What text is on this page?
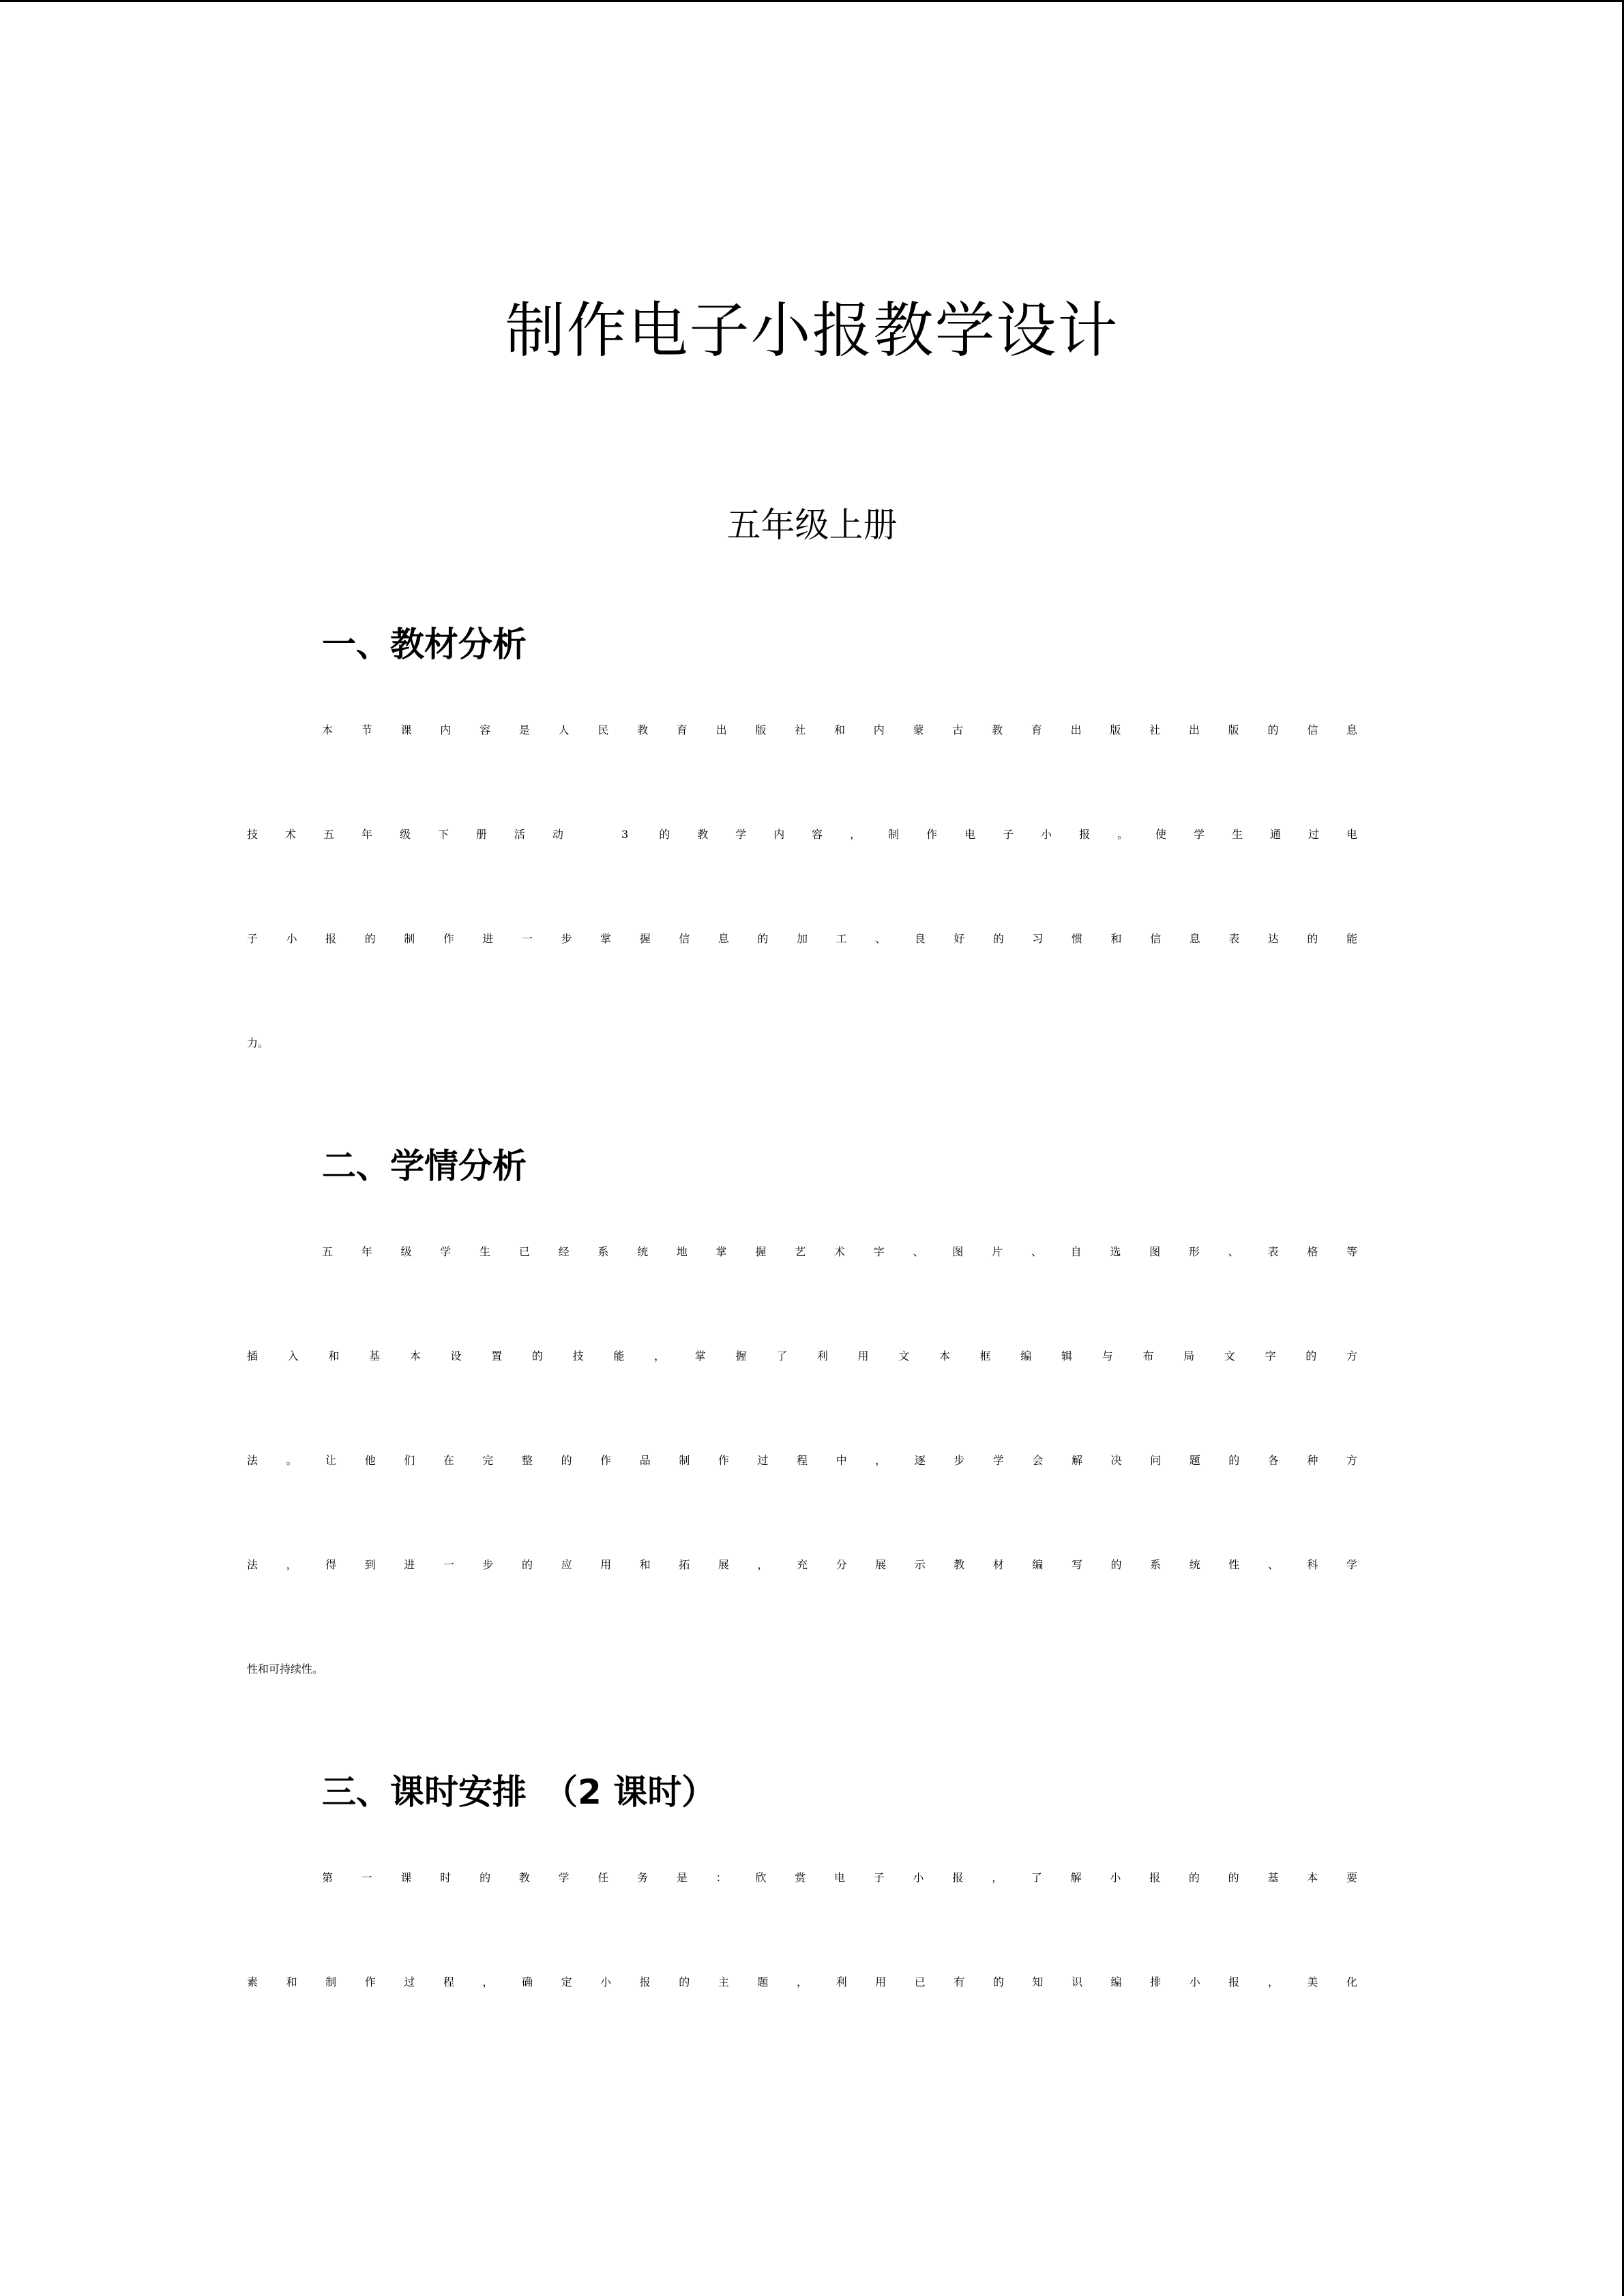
制作电子小报教学设计
五年级上册
一、教材分析
本节课内容是人民教育出版社和内蒙古教育出版社出版的信息
技术五年级下册活动 3 的教学内容，制作电子小报。使学生通过电
子小报的制作进一步掌握信息的加工、良好的习惯和信息表达的能
力。
二、学情分析
五年级学生已经系统地掌握艺术字、图片、自选图形、表格等
插入和基本设置的技能，掌握了利用文本框编辑与布局文字的方
法。让他们在完整的作品制作过程中，逐步学会解决问题的各种方
法，得到进一步的应用和拓展，充分展示教材编写的系统性、科学
性和可持续性。
三、课时安排　（2 课时）
第一课时的教学任务是：欣赏电子小报，了解小报的的基本要
素和制作过程，确定小报的主题，利用已有的知识编排小报，美化
